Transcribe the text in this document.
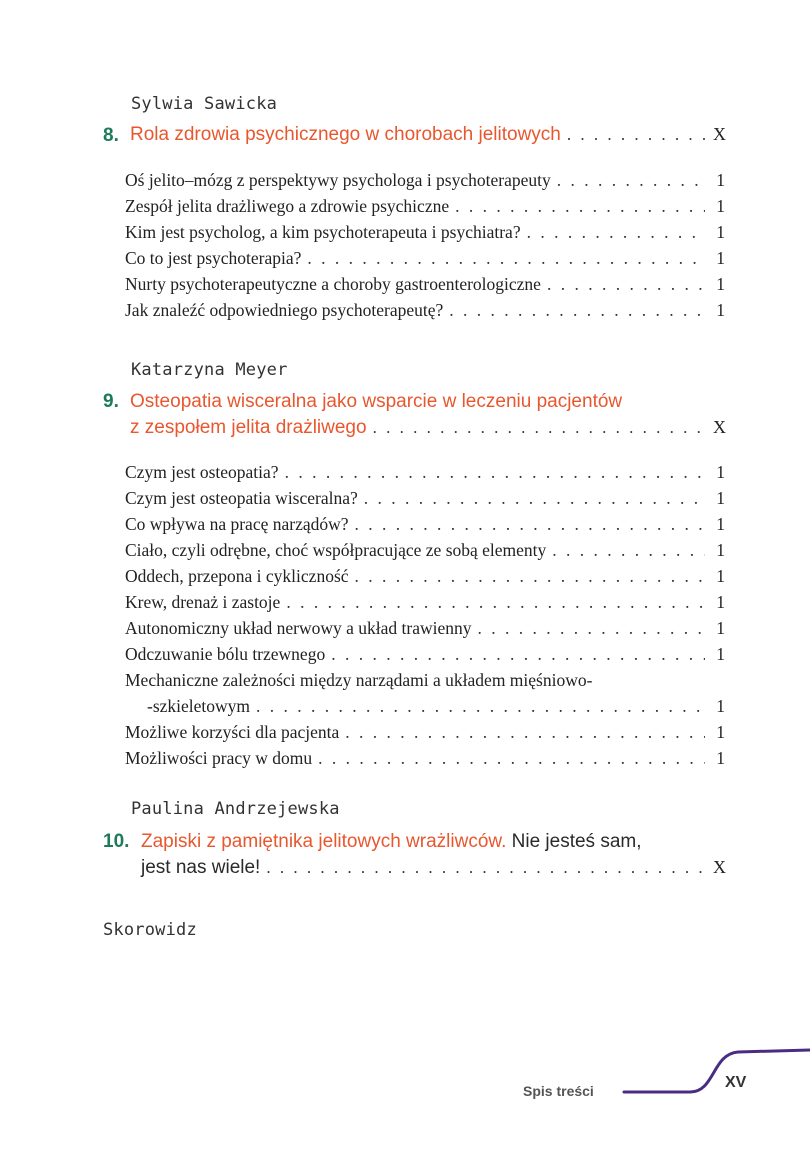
Sylwia Sawicka
8. Rola zdrowia psychicznego w chorobach jelitowych . . .	X
Oś jelito–mózg z perspektywy psychologa i psychoterapeuty . . .	1
Zespół jelita drażliwego a zdrowie psychiczne . . .	1
Kim jest psycholog, a kim psychoterapeuta i psychiatra? . . .	1
Co to jest psychoterapia? . . .	1
Nurty psychoterapeutyczne a choroby gastroenterologiczne . . .	1
Jak znaleźć odpowiedniego psychoterapeutę? . . .	1
Katarzyna Meyer
9. Osteopatia wisceralna jako wsparcie w leczeniu pacjentów
z zespołem jelita drażliwego . . .	X
Czym jest osteopatia? . . .	1
Czym jest osteopatia wisceralna? . . .	1
Co wpływa na pracę narządów? . . .	1
Ciało, czyli odrębne, choć współpracujące ze sobą elementy . . .	1
Oddech, przepona i cykliczność . . .	1
Krew, drenaż i zastoje . . .	1
Autonomiczny układ nerwowy a układ trawienny . . .	1
Odczuwanie bólu trzewnego . . .	1
Mechaniczne zależności między narządami a układem mięśniowo-
-szkieletowym . . .	1
Możliwe korzyści dla pacjenta . . .	1
Możliwości pracy w domu . . .	1
Paulina Andrzejewska
10. Zapiski z pamiętnika jelitowych wrażliwców. Nie jesteś sam,
jest nas wiele! . . .	X
Skorowidz
Spis treści	XV
